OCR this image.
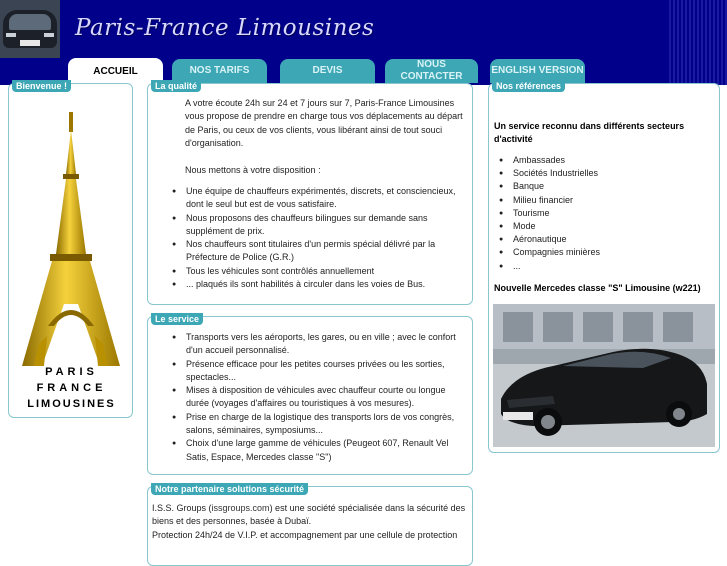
Paris-France Limousines
ACCUEIL	NOS TARIFS	DEVIS
NOUS CONTACTER
ENGLISH VERSION
Bienvenue !
PARIS
FRANCE
LIMOUSINES
La qualité
A votre écoute 24h sur 24 et 7 jours sur 7, Paris-France Limousines vous propose de prendre en charge tous vos déplacements au départ de Paris, ou ceux de vos clients, vous libérant ainsi de tout souci d'organisation.
Nous mettons à votre disposition :
● Une équipe de chauffeurs expérimentés, discrets, et consciencieux, dont le seul but est de vous satisfaire.
● Nous proposons des chauffeurs bilingues sur demande sans supplément de prix.
● Nos chauffeurs sont titulaires d'un permis spécial délivré par la Préfecture de Police (G.R.)
● Tous les véhicules sont contrôlés annuellement
● ... plaqués ils sont habilités à circuler dans les voies de Bus.
Le service
● Transports vers les aéroports, les gares, ou en ville ; avec le confort d'un accueil personnalisé.
● Présence efficace pour les petites courses privées ou les sorties, spectacles...
● Mises à disposition de véhicules avec chauffeur courte ou longue durée (voyages d'affaires ou touristiques à vos mesures).
● Prise en charge de la logistique des transports lors de vos congrès, salons, séminaires, symposiums...
● Choix d'une large gamme de véhicules (Peugeot 607, Renault Vel Satis, Espace, Mercedes classe "S")
Notre partenaire solutions sécurité
I.S.S. Groups (issgroups.com) est une société spécialisée dans la sécurité des biens et des personnes, basée à Dubaï.
Protection 24h/24 de V.I.P. et accompagnement par une cellule de protection
Nos références
Un service reconnu dans différents secteurs d'activité
● Ambassades
● Sociétés Industrielles
● Banque
● Milieu financier
● Tourisme
● Mode
● Aéronautique
● Compagnies minières
● ...
Nouvelle Mercedes classe "S" Limousine (w221)
